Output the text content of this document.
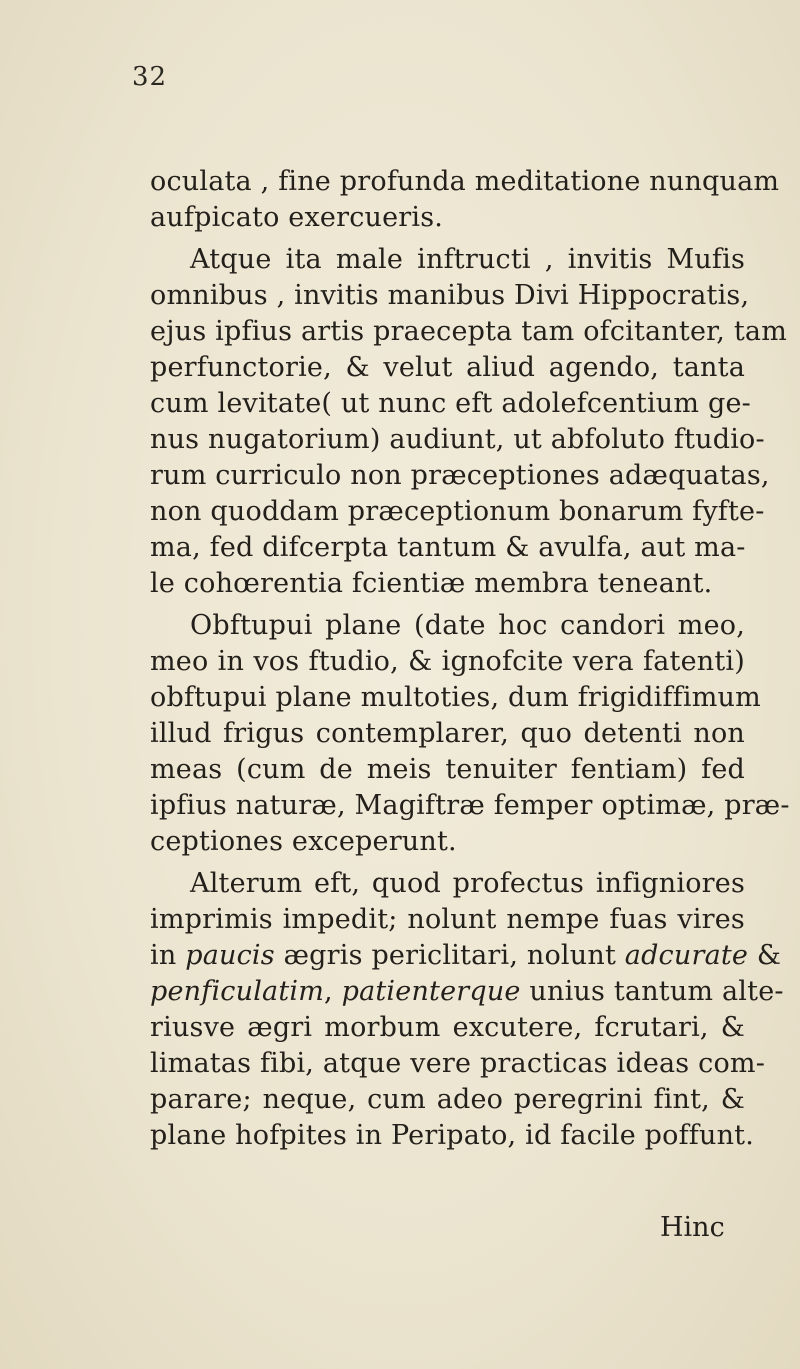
32
oculata , fine profunda meditatione nunquam
aufpicato exercueris.
Atque ita male inftructi , invitis Mufis
omnibus , invitis manibus Divi Hippocratis,
ejus ipfius artis praecepta tam ofcitanter, tam
perfunctorie, & velut aliud agendo, tanta
cum levitate( ut nunc eft adolefcentium ge-
nus nugatorium) audiunt, ut abfoluto ftudio-
rum curriculo non præceptiones adæquatas,
non quoddam præceptionum bonarum fyfte-
ma, fed difcerpta tantum & avulfa, aut ma-
le cohœrentia fcientiæ membra teneant.
Obftupui plane (date hoc candori meo,
meo in vos ftudio, & ignofcite vera fatenti)
obftupui plane multoties, dum frigidiffimum
illud frigus contemplarer, quo detenti non
meas (cum de meis tenuiter fentiam) fed
ipfius naturæ, Magiftræ femper optimæ, præ-
ceptiones exceperunt.
Alterum eft, quod profectus infigniores
imprimis impedit; nolunt nempe fuas vires
in paucis ægris periclitari, nolunt adcurate &
penficulatim, patienterque unius tantum alte-
riusve ægri morbum excutere, fcrutari, &
limatas fibi, atque vere practicas ideas com-
parare; neque, cum adeo peregrini fint, &
plane hofpites in Peripato, id facile poffunt.
Hinc
